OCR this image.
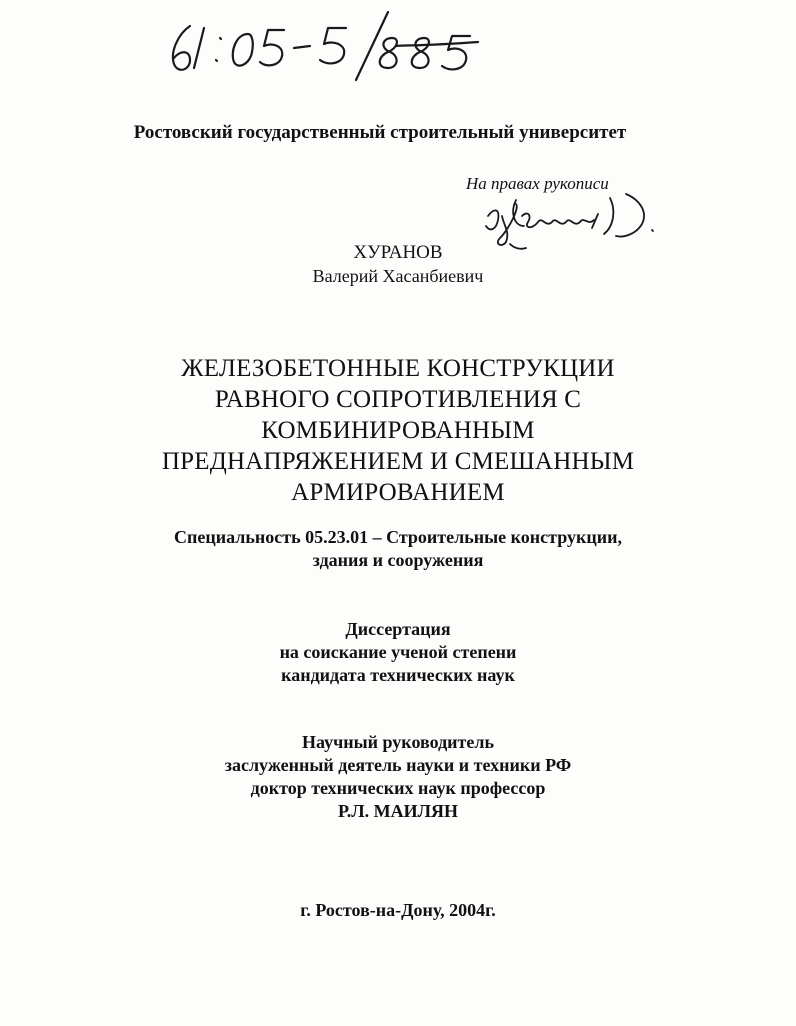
Ростовский государственный строительный университет
На правах рукописи
ХУРАНОВ
Валерий Хасанбиевич
ЖЕЛЕЗОБЕТОННЫЕ КОНСТРУКЦИИ
РАВНОГО СОПРОТИВЛЕНИЯ С
КОМБИНИРОВАННЫМ
ПРЕДНАПРЯЖЕНИЕМ И СМЕШАННЫМ
АРМИРОВАНИЕМ
Специальность 05.23.01 – Строительные конструкции,
здания и сооружения
Диссертация
на соискание ученой степени
кандидата технических наук
Научный руководитель
заслуженный деятель науки и техники РФ
доктор технических наук профессор
Р.Л. МАИЛЯН
г. Ростов-на-Дону, 2004г.
